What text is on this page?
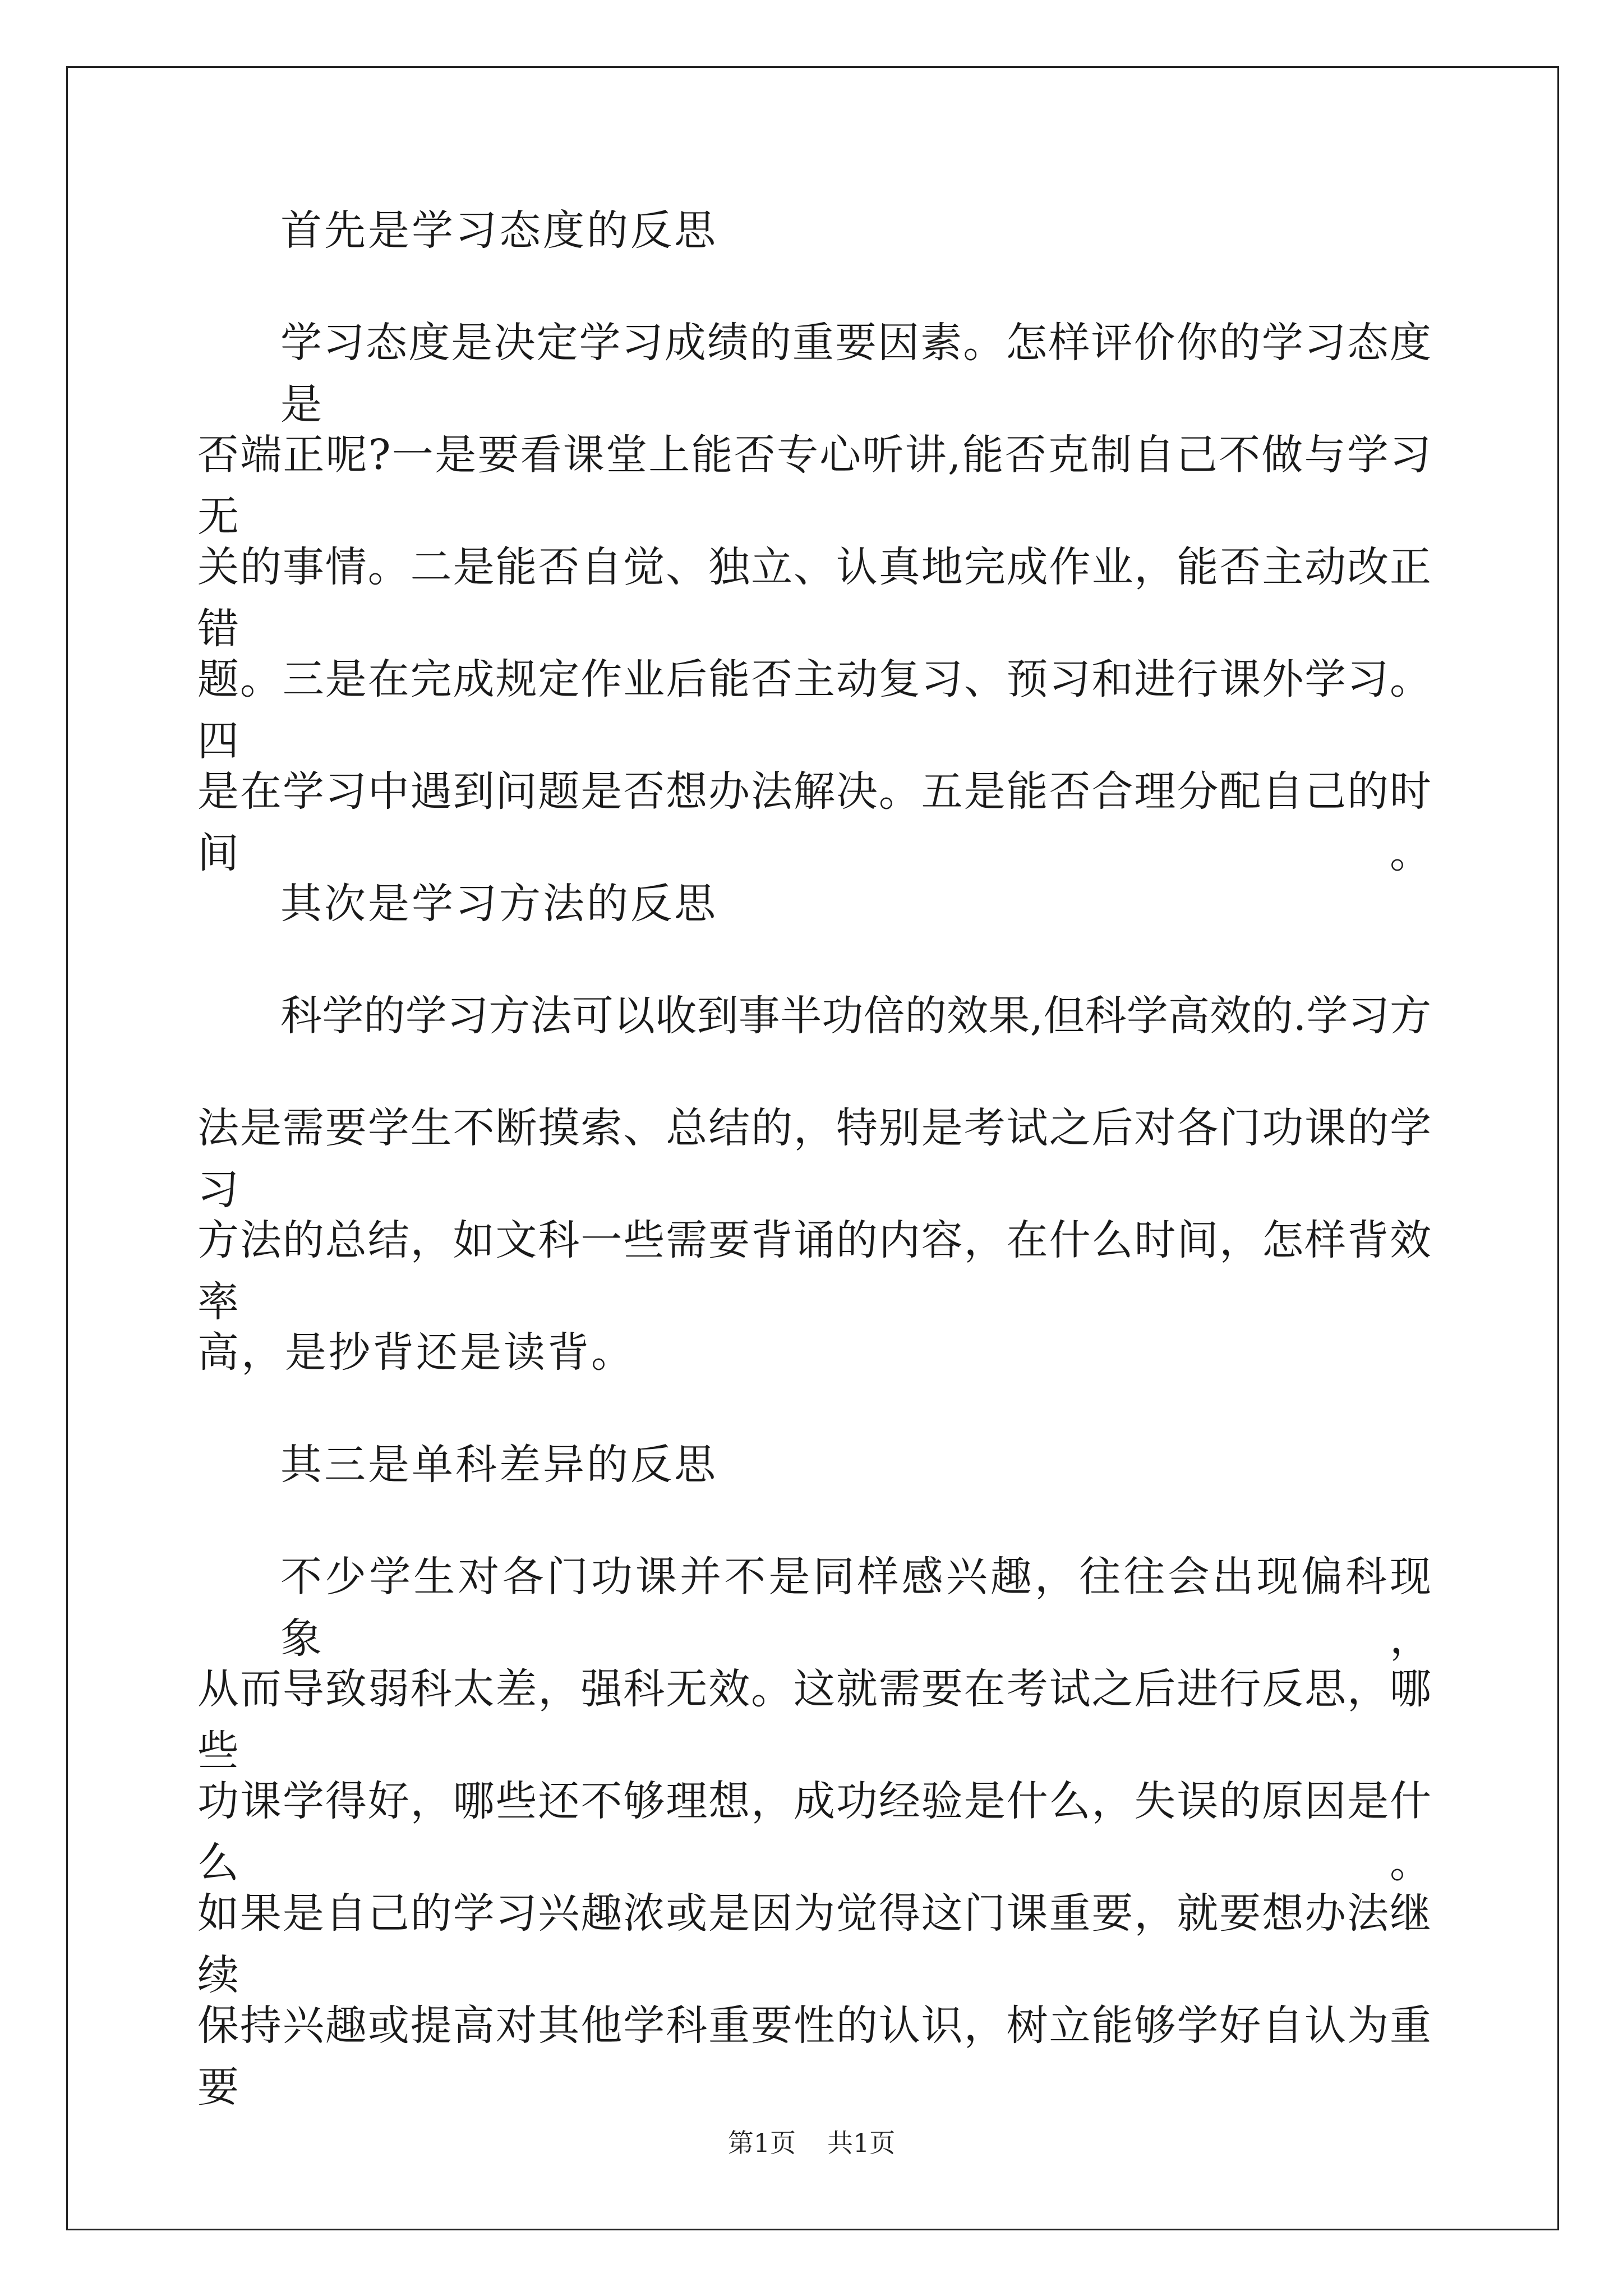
首先是学习态度的反思
学习态度是决定学习成绩的重要因素。怎样评价你的学习态度是
否端正呢?一是要看课堂上能否专心听讲,能否克制自己不做与学习无
关的事情。二是能否自觉、独立、认真地完成作业，能否主动改正错
题。三是在完成规定作业后能否主动复习、预习和进行课外学习。四
是在学习中遇到问题是否想办法解决。五是能否合理分配自己的时间。
其次是学习方法的反思
科学的学习方法可以收到事半功倍的效果,但科学高效的.学习方
法是需要学生不断摸索、总结的，特别是考试之后对各门功课的学习
方法的总结，如文科一些需要背诵的内容，在什么时间，怎样背效率
高，是抄背还是读背。
其三是单科差异的反思
不少学生对各门功课并不是同样感兴趣，往往会出现偏科现象，
从而导致弱科太差，强科无效。这就需要在考试之后进行反思，哪些
功课学得好，哪些还不够理想，成功经验是什么，失误的原因是什么。
如果是自己的学习兴趣浓或是因为觉得这门课重要，就要想办法继续
保持兴趣或提高对其他学科重要性的认识，树立能够学好自认为重要
第1页 共1页
